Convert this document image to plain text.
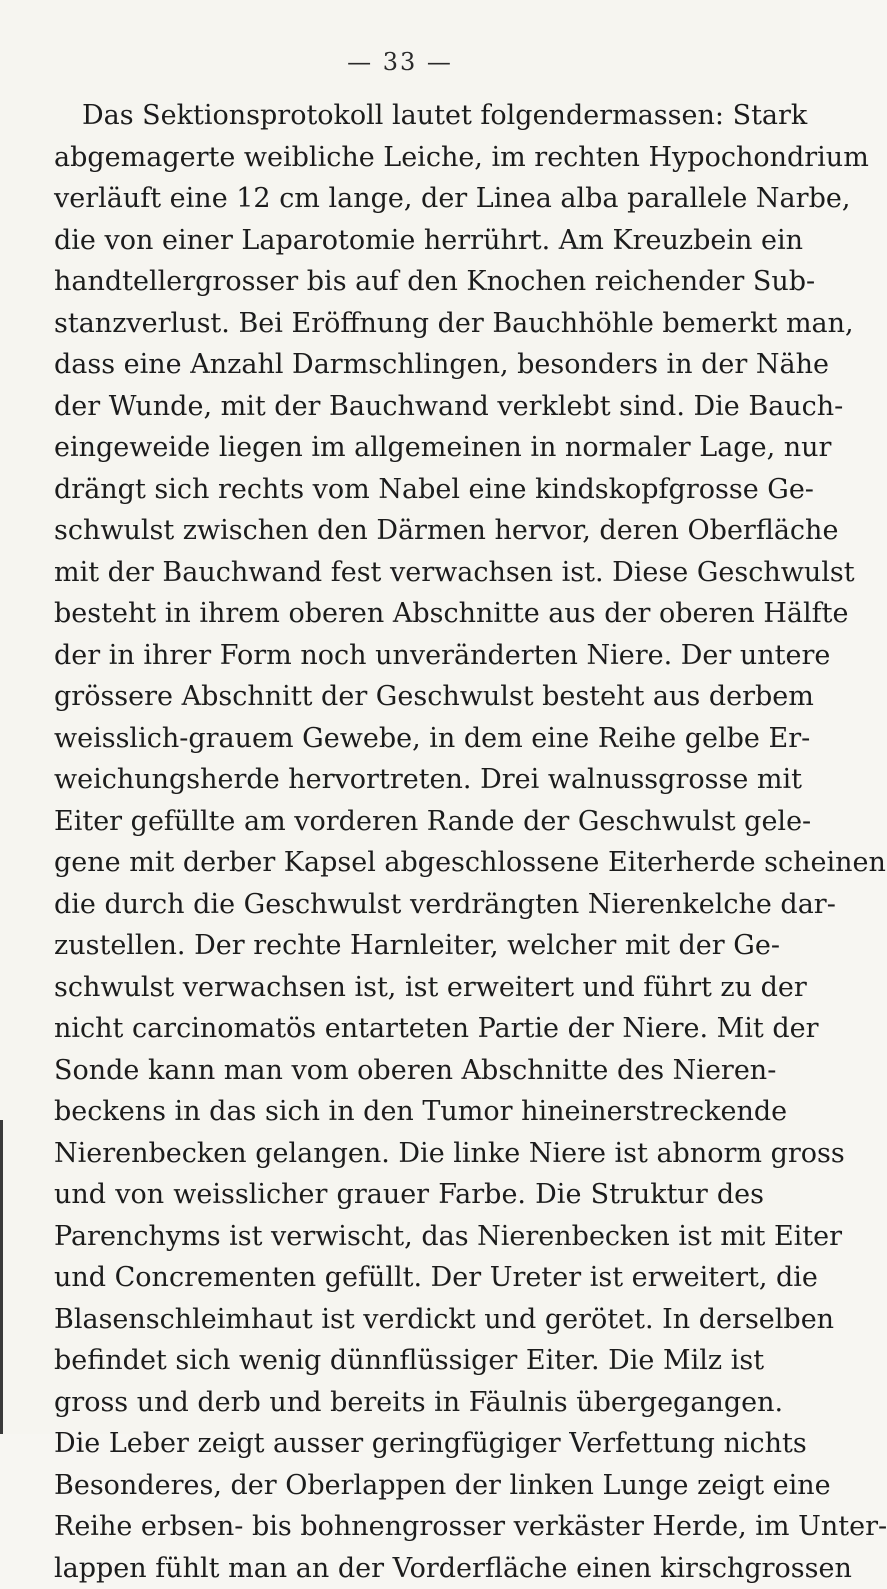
— 33 —
Das Sektionsprotokoll lautet folgendermassen: Stark
abgemagerte weibliche Leiche, im rechten Hypochondrium
verläuft eine 12 cm lange, der Linea alba parallele Narbe,
die von einer Laparotomie herrührt. Am Kreuzbein ein
handtellergrosser bis auf den Knochen reichender Sub-
stanzverlust. Bei Eröffnung der Bauchhöhle bemerkt man,
dass eine Anzahl Darmschlingen, besonders in der Nähe
der Wunde, mit der Bauchwand verklebt sind. Die Bauch-
eingeweide liegen im allgemeinen in normaler Lage, nur
drängt sich rechts vom Nabel eine kindskopfgrosse Ge-
schwulst zwischen den Därmen hervor, deren Oberfläche
mit der Bauchwand fest verwachsen ist. Diese Geschwulst
besteht in ihrem oberen Abschnitte aus der oberen Hälfte
der in ihrer Form noch unveränderten Niere. Der untere
grössere Abschnitt der Geschwulst besteht aus derbem
weisslich-grauem Gewebe, in dem eine Reihe gelbe Er-
weichungsherde hervortreten. Drei walnussgrosse mit
Eiter gefüllte am vorderen Rande der Geschwulst gele-
gene mit derber Kapsel abgeschlossene Eiterherde scheinen
die durch die Geschwulst verdrängten Nierenkelche dar-
zustellen. Der rechte Harnleiter, welcher mit der Ge-
schwulst verwachsen ist, ist erweitert und führt zu der
nicht carcinomatös entarteten Partie der Niere. Mit der
Sonde kann man vom oberen Abschnitte des Nieren-
beckens in das sich in den Tumor hineinerstreckende
Nierenbecken gelangen. Die linke Niere ist abnorm gross
und von weisslicher grauer Farbe. Die Struktur des
Parenchyms ist verwischt, das Nierenbecken ist mit Eiter
und Concrementen gefüllt. Der Ureter ist erweitert, die
Blasenschleimhaut ist verdickt und gerötet. In derselben
befindet sich wenig dünnflüssiger Eiter. Die Milz ist
gross und derb und bereits in Fäulnis übergegangen.
Die Leber zeigt ausser geringfügiger Verfettung nichts
Besonderes, der Oberlappen der linken Lunge zeigt eine
Reihe erbsen- bis bohnengrosser verkäster Herde, im Unter-
lappen fühlt man an der Vorderfläche einen kirschgrossen
